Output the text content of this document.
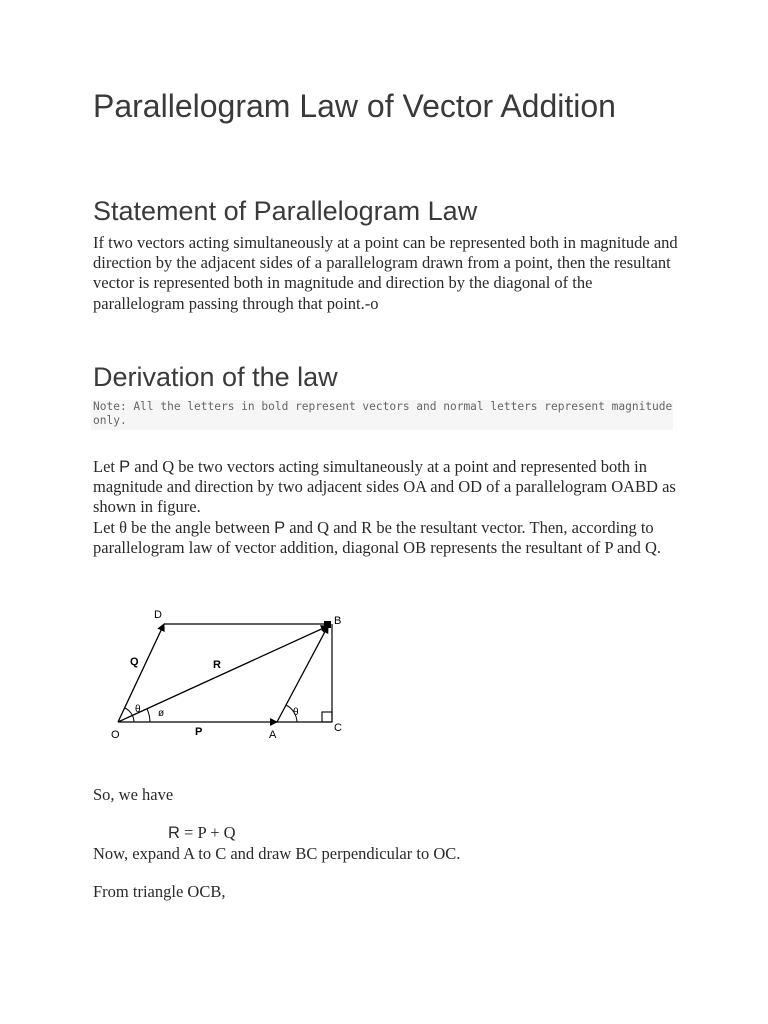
Parallelogram Law of Vector Addition
Statement of Parallelogram Law

If two vectors acting simultaneously at a point can be represented both in magnitude and direction by the adjacent sides of a parallelogram drawn from a point, then the resultant vector is represented both in magnitude and direction by the diagonal of the parallelogram passing through that point.-o

Derivation of the law
Note: All the letters in bold represent vectors and normal letters represent magnitude only.

Let P and Q be two vectors acting simultaneously at a point and represented both in magnitude and direction by two adjacent sides OA and OD of a parallelogram OABD as shown in figure.

Let θ be the angle between P and Q and R be the resultant vector. Then, according to parallelogram law of vector addition, diagonal OB represents the resultant of P and Q.

D	B
C
O	A
P
Q	R
θ ø	θ

So, we have

R = P + Q

Now, expand A to C and draw BC perpendicular to OC.

From triangle OCB,
